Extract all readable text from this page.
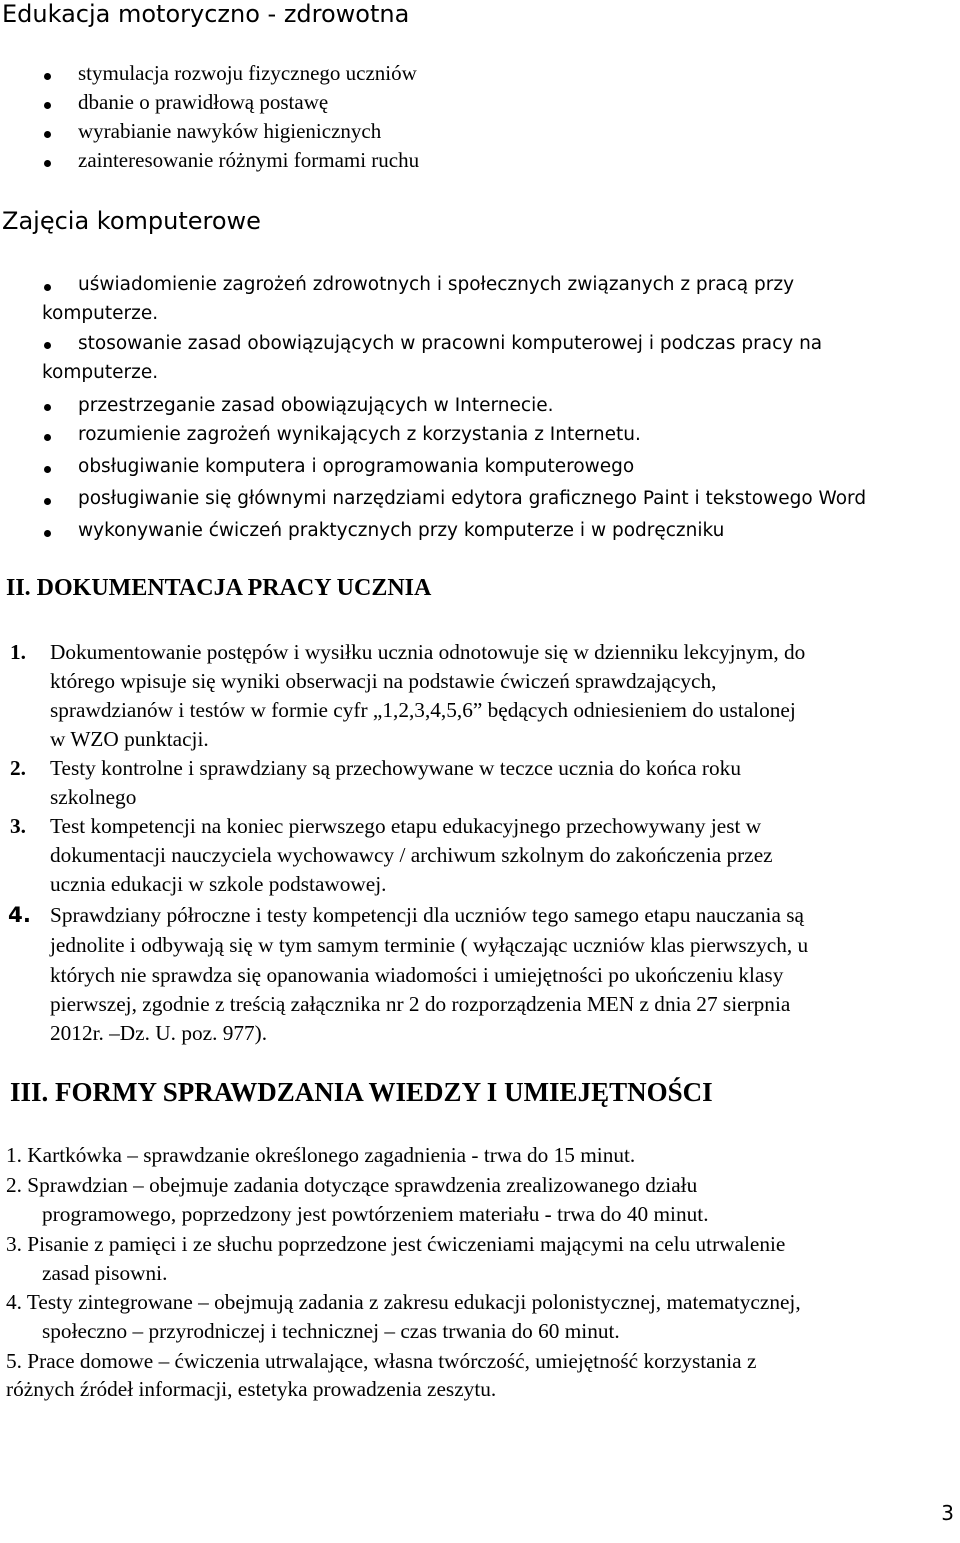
Edukacja motoryczno - zdrowotna
stymulacja rozwoju fizycznego uczniów
dbanie o prawidłową postawę
wyrabianie nawyków higienicznych
zainteresowanie różnymi formami ruchu
Zajęcia komputerowe
uświadomienie zagrożeń zdrowotnych i społecznych związanych z pracą przy
komputerze.
stosowanie zasad obowiązujących w pracowni komputerowej i podczas pracy na
komputerze.
przestrzeganie zasad obowiązujących w Internecie.
rozumienie zagrożeń wynikających z korzystania z Internetu.
obsługiwanie komputera i oprogramowania komputerowego
posługiwanie się głównymi narzędziami edytora graficznego Paint i tekstowego Word
wykonywanie ćwiczeń praktycznych przy komputerze i w podręczniku
II. DOKUMENTACJA PRACY UCZNIA
1. Dokumentowanie postępów i wysiłku ucznia odnotowuje się w dzienniku lekcyjnym, do
którego wpisuje się wyniki obserwacji na podstawie ćwiczeń sprawdzających,
sprawdzianów i testów w formie cyfr „1,2,3,4,5,6” będących odniesieniem do ustalonej
w WZO punktacji.
2. Testy kontrolne i sprawdziany są przechowywane w teczce ucznia do końca roku
szkolnego
3. Test kompetencji na koniec pierwszego etapu edukacyjnego przechowywany jest w
dokumentacji nauczyciela wychowawcy / archiwum szkolnym do zakończenia przez
ucznia edukacji w szkole podstawowej.
4. Sprawdziany półroczne i testy kompetencji dla uczniów tego samego etapu nauczania są
jednolite i odbywają się w tym samym terminie ( wyłączając uczniów klas pierwszych, u
których nie sprawdza się opanowania wiadomości i umiejętności po ukończeniu klasy
pierwszej, zgodnie z treścią załącznika nr 2 do rozporządzenia MEN z dnia 27 sierpnia
2012r. –Dz. U. poz. 977).
III. FORMY SPRAWDZANIA WIEDZY I UMIEJĘTNOŚCI
1. Kartkówka – sprawdzanie określonego zagadnienia - trwa do 15 minut.
2. Sprawdzian – obejmuje zadania dotyczące sprawdzenia zrealizowanego działu
programowego, poprzedzony jest powtórzeniem materiału - trwa do 40 minut.
3. Pisanie z pamięci i ze słuchu poprzedzone jest ćwiczeniami mającymi na celu utrwalenie
zasad pisowni.
4. Testy zintegrowane – obejmują zadania z zakresu edukacji polonistycznej, matematycznej,
społeczno – przyrodniczej i technicznej – czas trwania do 60 minut.
5. Prace domowe – ćwiczenia utrwalające, własna twórczość, umiejętność korzystania z
różnych źródeł informacji, estetyka prowadzenia zeszytu.
3
